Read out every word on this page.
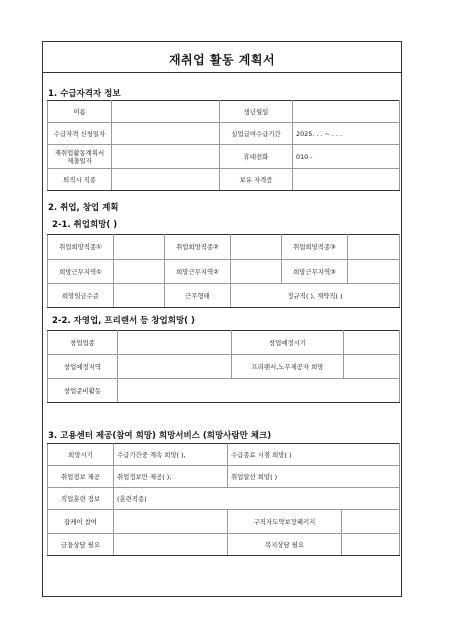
재취업 활동 계획서
1. 수급자격자 정보
이름		생년월일	
수급자격 신청일자		실업급여수급기간	2025. . . ~ . . .
재취업활동계획서
제출일자		휴대전화	010 -
퇴직시 직종		보유 자격증	
2. 취업, 창업 계획
2-1. 취업희망( )
취업희망직종①		취업희망직종②		취업희망직종③	
희망근무지역①		희망근무지역②		희망근무지역③	
희망임금수준		근무형태	정규직( ), 계약직( )		
2-2. 자영업, 프리랜서 등 창업희망( )
창업업종		창업예정시기	
창업예정지역		프리랜서,노무제공자 희망	
창업준비활동			
3. 고용센터 제공(참여 희망) 희망서비스 (희망사람만 체크)
희망시기	수급기간중 계속 희망( ),	수급종료 시점 희망( )	
취업정보 제공	취업정보만 제공( ),	취업알선 희망( )	
직업훈련 정보	(훈련직종)		
잡케어 참여		구직자도약보장패키지	
금융상담 필요		복지상담 필요	
